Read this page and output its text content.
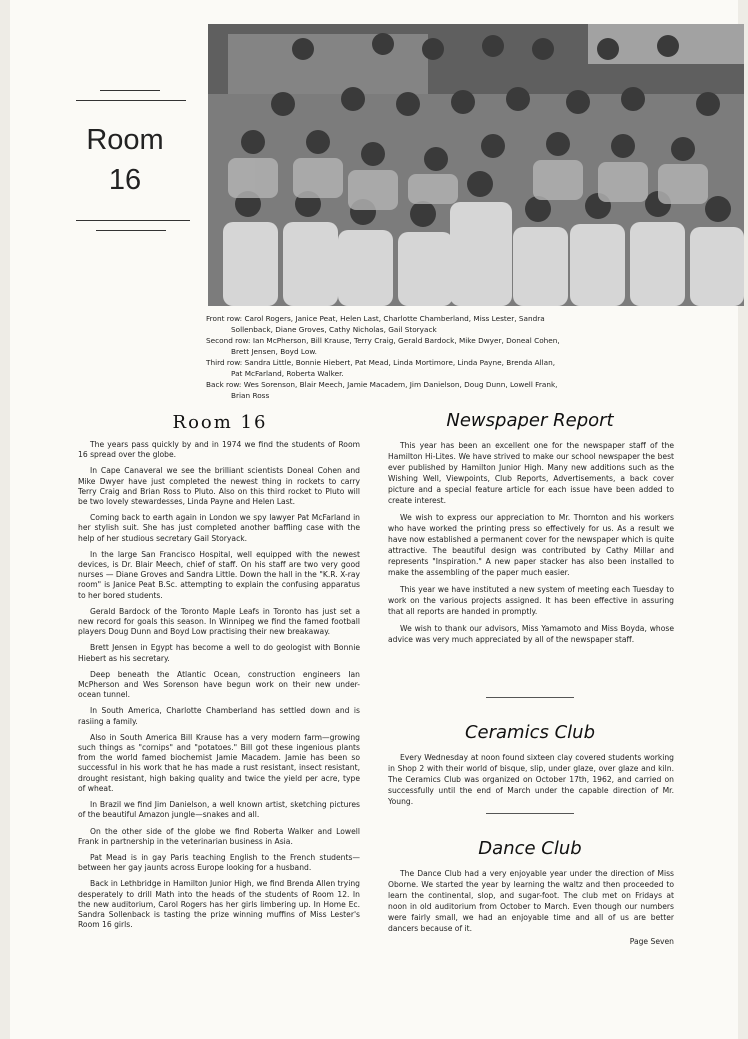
Room
16
Front row: Carol Rogers, Janice Peat, Helen Last, Charlotte Chamberland, Miss Lester, Sandra
Sollenback, Diane Groves, Cathy Nicholas, Gail Storyack
Second row: Ian McPherson, Bill Krause, Terry Craig, Gerald Bardock, Mike Dwyer, Doneal Cohen,
Brett Jensen, Boyd Low.
Third row: Sandra Little, Bonnie Hiebert, Pat Mead, Linda Mortimore, Linda Payne, Brenda Allan,
Pat McFarland, Roberta Walker.
Back row: Wes Sorenson, Blair Meech, Jamie Macadem, Jim Danielson, Doug Dunn, Lowell Frank,
Brian Ross
Room 16

The years pass quickly by and in 1974 we find the students of Room 16 spread over the globe.

In Cape Canaveral we see the brilliant scientists Doneal Cohen and Mike Dwyer have just completed the newest thing in rockets to carry Terry Craig and Brian Ross to Pluto. Also on this third rocket to Pluto will be two lovely stewardesses, Linda Payne and Helen Last.

Coming back to earth again in London we spy lawyer Pat McFarland in her stylish suit. She has just completed another baffling case with the help of her studious secretary Gail Storyack.

In the large San Francisco Hospital, well equipped with the newest devices, is Dr. Blair Meech, chief of staff. On his staff are two very good nurses — Diane Groves and Sandra Little. Down the hall in the "K.R. X-ray room" is Janice Peat B.Sc. attempting to explain the confusing apparatus to her bored students.

Gerald Bardock of the Toronto Maple Leafs in Toronto has just set a new record for goals this season. In Winnipeg we find the famed football players Doug Dunn and Boyd Low practising their new breakaway.

Brett Jensen in Egypt has become a well to do geologist with Bonnie Hiebert as his secretary.

Deep beneath the Atlantic Ocean, construction engineers Ian McPherson and Wes Sorenson have begun work on their new under-ocean tunnel.

In South America, Charlotte Chamberland has settled down and is rasiing a family.

Also in South America Bill Krause has a very modern farm—growing such things as "cornips" and "potatoes." Bill got these ingenious plants from the world famed biochemist Jamie Macadem. Jamie has been so successful in his work that he has made a rust resistant, insect resistant, drought resistant, high baking quality and twice the yield per acre, type of wheat.

In Brazil we find Jim Danielson, a well known artist, sketching pictures of the beautiful Amazon jungle—snakes and all.

On the other side of the globe we find Roberta Walker and Lowell Frank in partnership in the veterinarian business in Asia.

Pat Mead is in gay Paris teaching English to the French students—between her gay jaunts across Europe looking for a husband.

Back in Lethbridge in Hamilton Junior High, we find Brenda Allen trying desperately to drill Math into the heads of the students of Room 12. In the new auditorium, Carol Rogers has her girls limbering up. In Home Ec. Sandra Sollenback is tasting the prize winning muffins of Miss Lester's Room 16 girls.

Newspaper Report

This year has been an excellent one for the newspaper staff of the Hamilton Hi-Lites. We have strived to make our school newspaper the best ever published by Hamilton Junior High. Many new additions such as the Wishing Well, Viewpoints, Club Reports, Advertisements, a back cover picture and a special feature article for each issue have been added to create interest.

We wish to express our appreciation to Mr. Thornton and his workers who have worked the printing press so effectively for us. As a result we have now established a permanent cover for the newspaper which is quite attractive. The beautiful design was contributed by Cathy Millar and represents "Inspiration." A new paper stacker has also been installed to make the assembling of the paper much easier.

This year we have instituted a new system of meeting each Tuesday to work on the various projects assigned. It has been effective in assuring that all reports are handed in promptly.

We wish to thank our advisors, Miss Yamamoto and Miss Boyda, whose advice was very much appreciated by all of the newspaper staff.

Ceramics Club

Every Wednesday at noon found sixteen clay covered students working in Shop 2 with their world of bisque, slip, under glaze, over glaze and kiln. The Ceramics Club was organized on October 17th, 1962, and carried on successfully until the end of March under the capable direction of Mr. Young.

Dance Club

The Dance Club had a very enjoyable year under the direction of Miss Oborne. We started the year by learning the waltz and then proceeded to learn the continental, slop, and sugar-foot. The club met on Fridays at noon in old auditorium from October to March. Even though our numbers were fairly small, we had an enjoyable time and all of us are better dancers because of it.

Page Seven
